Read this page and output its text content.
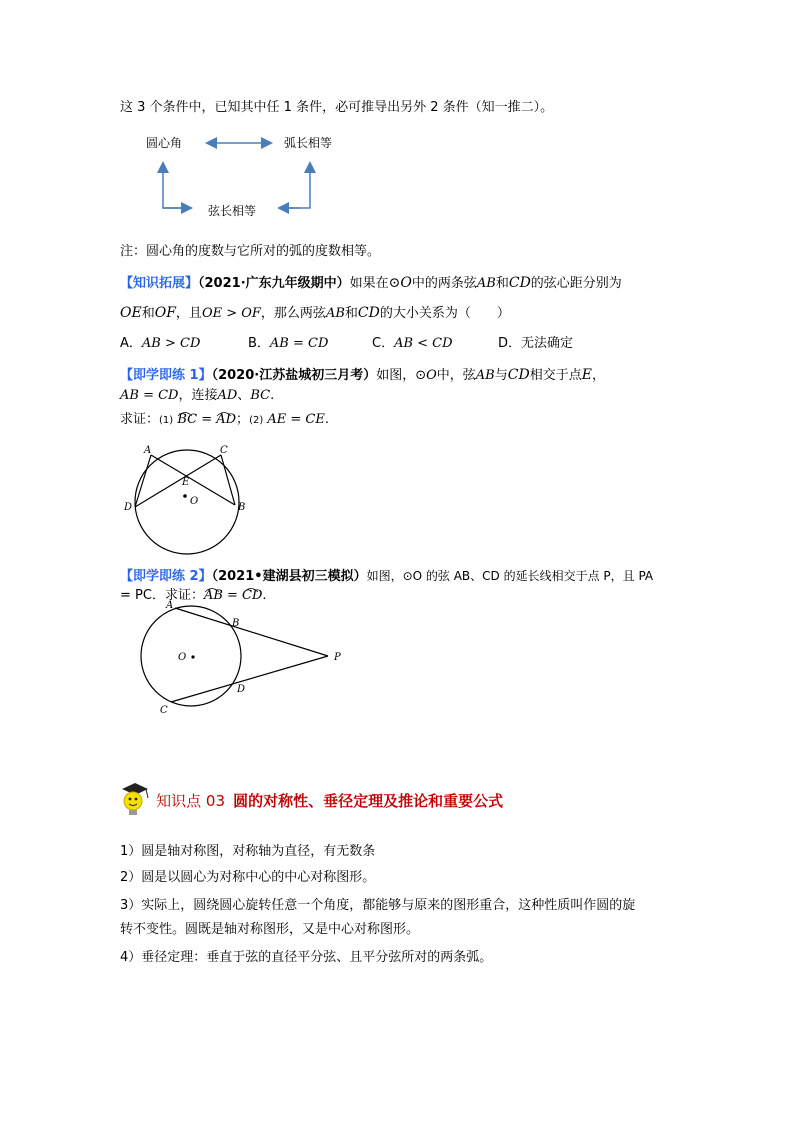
这 3 个条件中，已知其中任 1 条件，必可推导出另外 2 条件（知一推二）。
圆心角	弧长相等
弦长相等
注：圆心角的度数与它所对的弧的度数相等。
【知识拓展】（2021·广东九年级期中）如果在⊙O中的两条弦AB和CD的弦心距分别为
OE和OF，且OE > OF，那么两弦AB和CD的大小关系为（　　）
A．AB > CD	B．AB = CD	C．AB < CD	D．无法确定
【即学即练 1】（2020·江苏盐城初三月考）如图，⊙O中，弦AB与CD相交于点E，
AB = CD，连接AD、BC.
求证：(1) BC = AD
；(2) AE = CE.
A	C
E
O
D	B
【即学即练 2】（2021•建湖县初三模拟）如图，⊙O 的弦 AB、CD 的延长线相交于点 P，且 PA
= PC．求证：AB = CD
.
A
B
O	P
D
C
知识点 03 圆的对称性、垂径定理及推论和重要公式
1）圆是轴对称图，对称轴为直径，有无数条
2）圆是以圆心为对称中心的中心对称图形。
3）实际上，圆绕圆心旋转任意一个角度，都能够与原来的图形重合，这种性质叫作圆的旋
转不变性。圆既是轴对称图形，又是中心对称图形。
4）垂径定理：垂直于弦的直径平分弦、且平分弦所对的两条弧。
